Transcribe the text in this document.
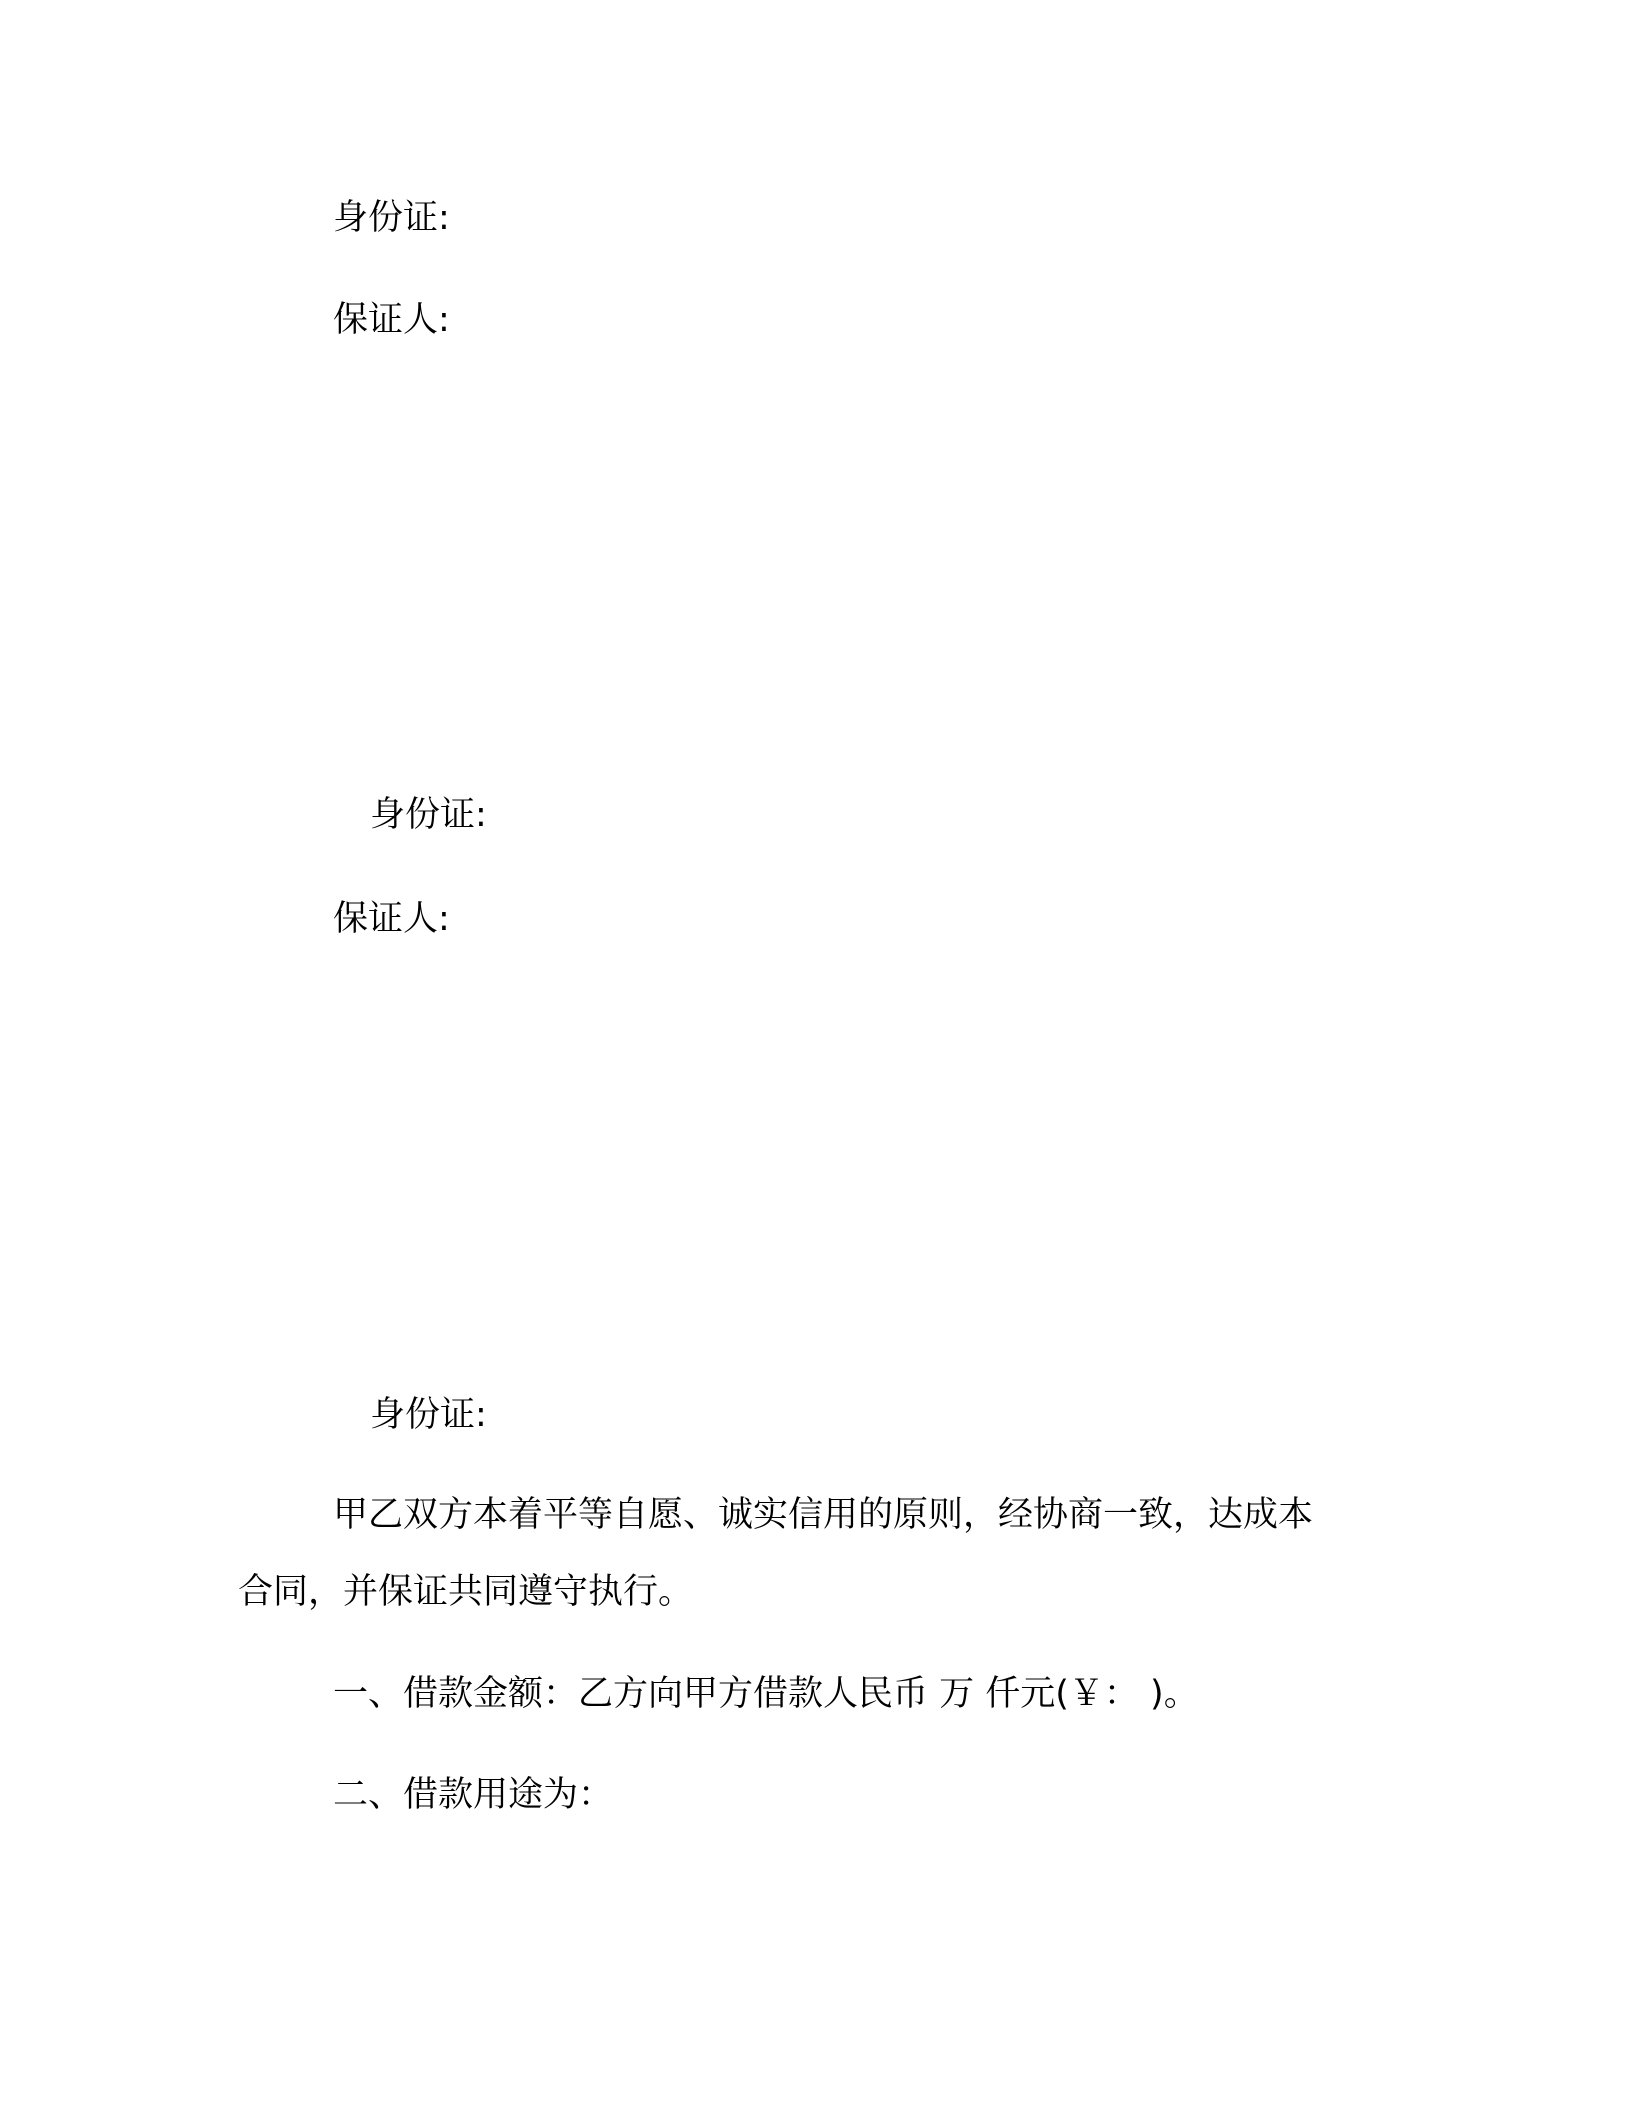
身份证:
保证人:
身份证:
保证人:
身份证:
甲乙双方本着平等自愿、诚实信用的原则，经协商一致，达成本
合同，并保证共同遵守执行。
一、借款金额：乙方向甲方借款人民币 万 仟元(￥： )。
二、借款用途为：
